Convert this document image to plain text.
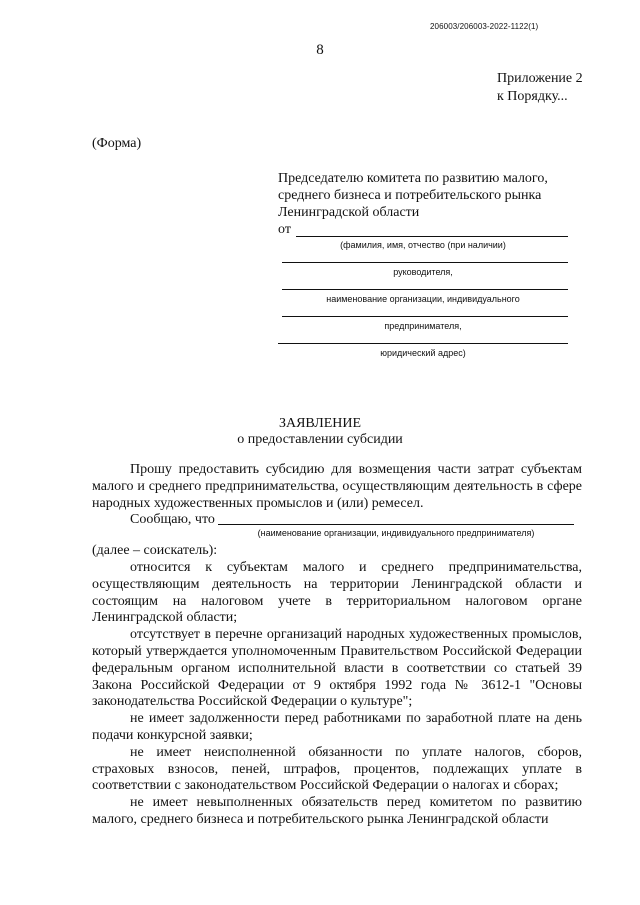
206003/206003-2022-1122(1)
8
Приложение 2
к Порядку...
(Форма)
Председателю комитета по развитию малого,
среднего бизнеса и потребительского рынка
Ленинградской области
от
(фамилия, имя, отчество (при наличии)
руководителя,
наименование организации, индивидуального
предпринимателя,
юридический адрес)
ЗАЯВЛЕНИЕ
о предоставлении субсидии

Прошу предоставить субсидию для возмещения части затрат субъектам малого и среднего предпринимательства, осуществляющим деятельность в сфере народных художественных промыслов и (или) ремесел.

Сообщаю, что
(наименование организации, индивидуального предпринимателя)
(далее – соискатель):

относится к субъектам малого и среднего предпринимательства, осуществляющим деятельность на территории Ленинградской области и состоящим на налоговом учете в территориальном налоговом органе Ленинградской области;

отсутствует в перечне организаций народных художественных промыслов, который утверждается уполномоченным Правительством Российской Федерации федеральным органом исполнительной власти в соответствии со статьей 39 Закона Российской Федерации от 9 октября 1992 года № 3612-1 "Основы законодательства Российской Федерации о культуре";

не имеет задолженности перед работниками по заработной плате на день подачи конкурсной заявки;

не имеет неисполненной обязанности по уплате налогов, сборов, страховых взносов, пеней, штрафов, процентов, подлежащих уплате в соответствии с законодательством Российской Федерации о налогах и сборах;

не имеет невыполненных обязательств перед комитетом по развитию малого, среднего бизнеса и потребительского рынка Ленинградской области
